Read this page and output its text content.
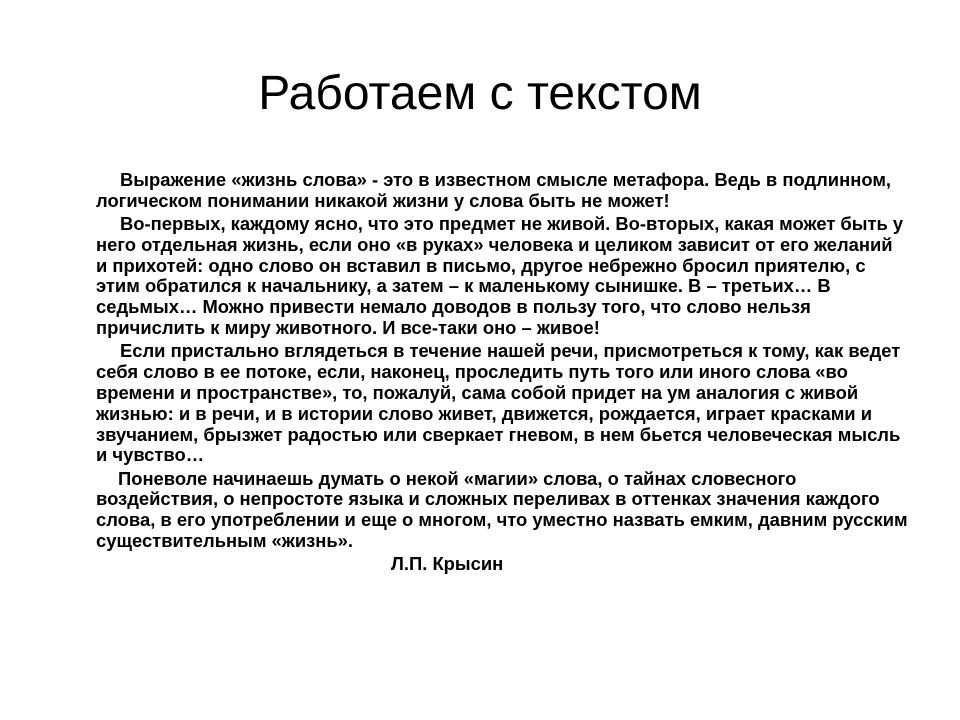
Работаем с текстом

Выражение «жизнь слова» - это в известном смысле метафора. Ведь в подлинном, логическом понимании никакой жизни у слова быть не может!

Во-первых, каждому ясно, что это предмет не живой. Во-вторых, какая может быть у него отдельная жизнь, если оно «в руках» человека и целиком зависит от его желаний и прихотей: одно слово он вставил в письмо, другое небрежно бросил приятелю, с этим обратился к начальнику, а затем – к маленькому сынишке. В – третьих… В седьмых… Можно привести немало доводов в пользу того, что слово нельзя причислить к миру животного. И все-таки оно – живое!

Если пристально вглядеться в течение нашей речи, присмотреться к тому, как ведет себя слово в ее потоке, если, наконец, проследить путь того или иного слова «во времени и пространстве», то, пожалуй, сама собой придет на ум аналогия с живой жизнью: и в речи, и в истории слово живет, движется, рождается, играет красками и звучанием, брызжет радостью или сверкает гневом, в нем бьется человеческая мысль и чувство…

Поневоле начинаешь думать о некой «магии» слова, о тайнах словесного воздействия, о непростоте языка и сложных переливах в оттенках значения каждого слова, в его употреблении и еще о многом, что уместно назвать емким, давним русским существительным «жизнь».

Л.П. Крысин
